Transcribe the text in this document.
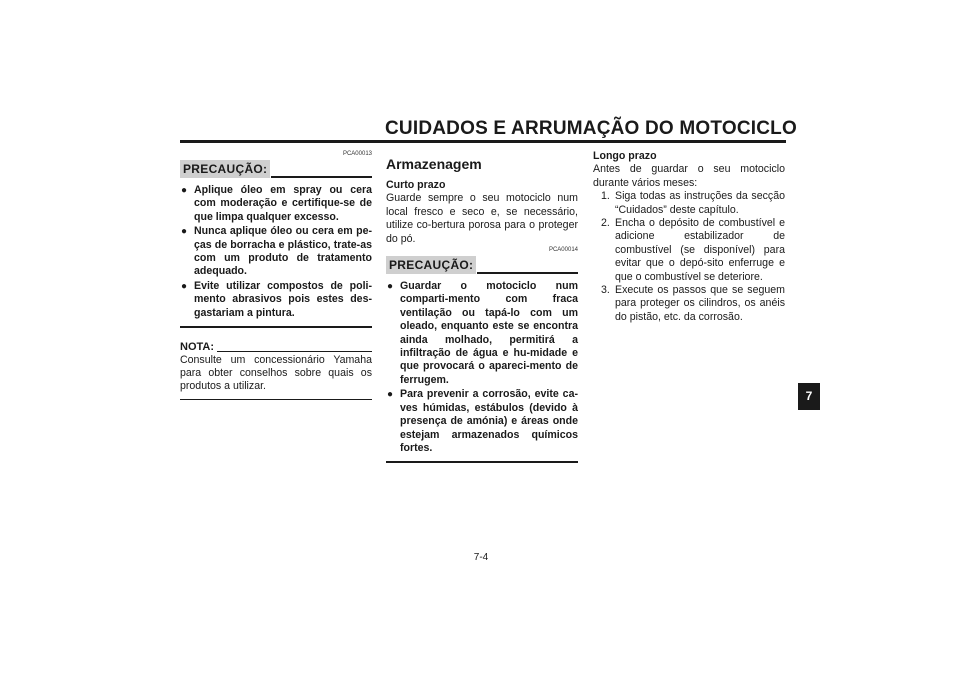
CUIDADOS E ARRUMAÇÃO DO MOTOCICLO
PCA00013
PRECAUÇÃO:
● Aplique óleo em spray ou cera com moderação e certifique-se de que limpa qualquer excesso.
● Nunca aplique óleo ou cera em pe-ças de borracha e plástico, trate-as com um produto de tratamento adequado.
● Evite utilizar compostos de poli-mento abrasivos pois estes des-gastariam a pintura.
NOTA:

Consulte um concessionário Yamaha para obter conselhos sobre quais os produtos a utilizar.

Armazenagem
Curto prazo

Guarde sempre o seu motociclo num local fresco e seco e, se necessário, utilize co-bertura porosa para o proteger do pó.

PCA00014
PRECAUÇÃO:
● Guardar o motociclo num comparti-mento com fraca ventilação ou tapá-lo com um oleado, enquanto este se encontra ainda molhado, permitirá a infiltração de água e hu-midade e que provocará o apareci-mento de ferrugem.
● Para prevenir a corrosão, evite ca-ves húmidas, estábulos (devido à presença de amónia) e áreas onde estejam armazenados químicos fortes.
Longo prazo

Antes de guardar o seu motociclo durante vários meses:

1. Siga todas as instruções da secção “Cuidados” deste capítulo.
2. Encha o depósito de combustível e adicione estabilizador de combustível (se disponível) para evitar que o depó-sito enferruge e que o combustível se deteriore.
3. Execute os passos que se seguem para proteger os cilindros, os anéis do pistão, etc. da corrosão.
7-4
7
